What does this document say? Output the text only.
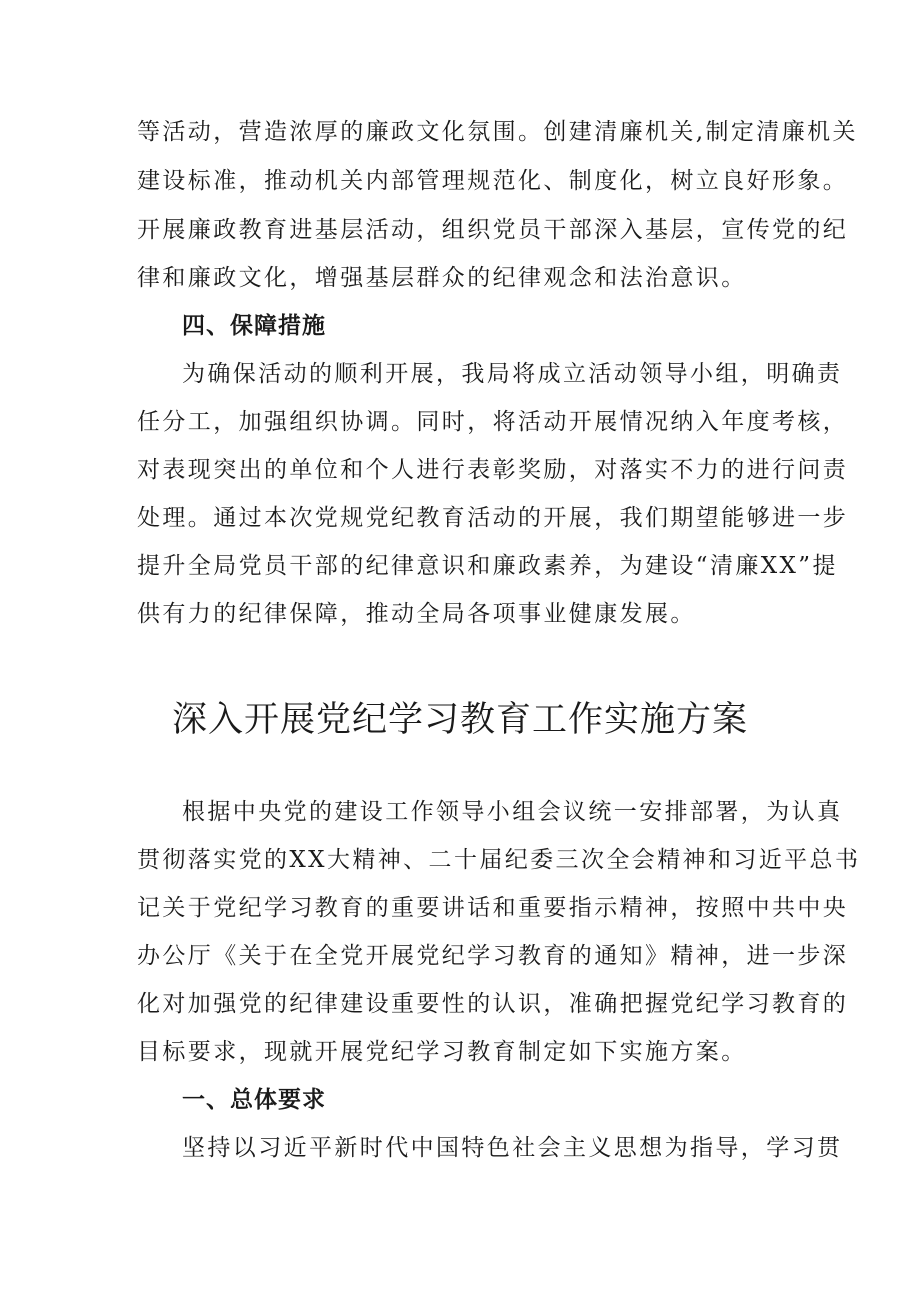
等活动，营造浓厚的廉政文化氛围。创建清廉机关,制定清廉机关
建设标准，推动机关内部管理规范化、制度化，树立良好形象。
开展廉政教育进基层活动，组织党员干部深入基层，宣传党的纪
律和廉政文化，增强基层群众的纪律观念和法治意识。
四、保障措施
为确保活动的顺利开展，我局将成立活动领导小组，明确责
任分工，加强组织协调。同时，将活动开展情况纳入年度考核，
对表现突出的单位和个人进行表彰奖励，对落实不力的进行问责
处理。通过本次党规党纪教育活动的开展，我们期望能够进一步
提升全局党员干部的纪律意识和廉政素养，为建设“清廉XX”提
供有力的纪律保障，推动全局各项事业健康发展。
深入开展党纪学习教育工作实施方案
根据中央党的建设工作领导小组会议统一安排部署，为认真
贯彻落实党的XX大精神、二十届纪委三次全会精神和习近平总书
记关于党纪学习教育的重要讲话和重要指示精神，按照中共中央
办公厅《关于在全党开展党纪学习教育的通知》精神，进一步深
化对加强党的纪律建设重要性的认识，准确把握党纪学习教育的
目标要求，现就开展党纪学习教育制定如下实施方案。
一、总体要求
坚持以习近平新时代中国特色社会主义思想为指导，学习贯
